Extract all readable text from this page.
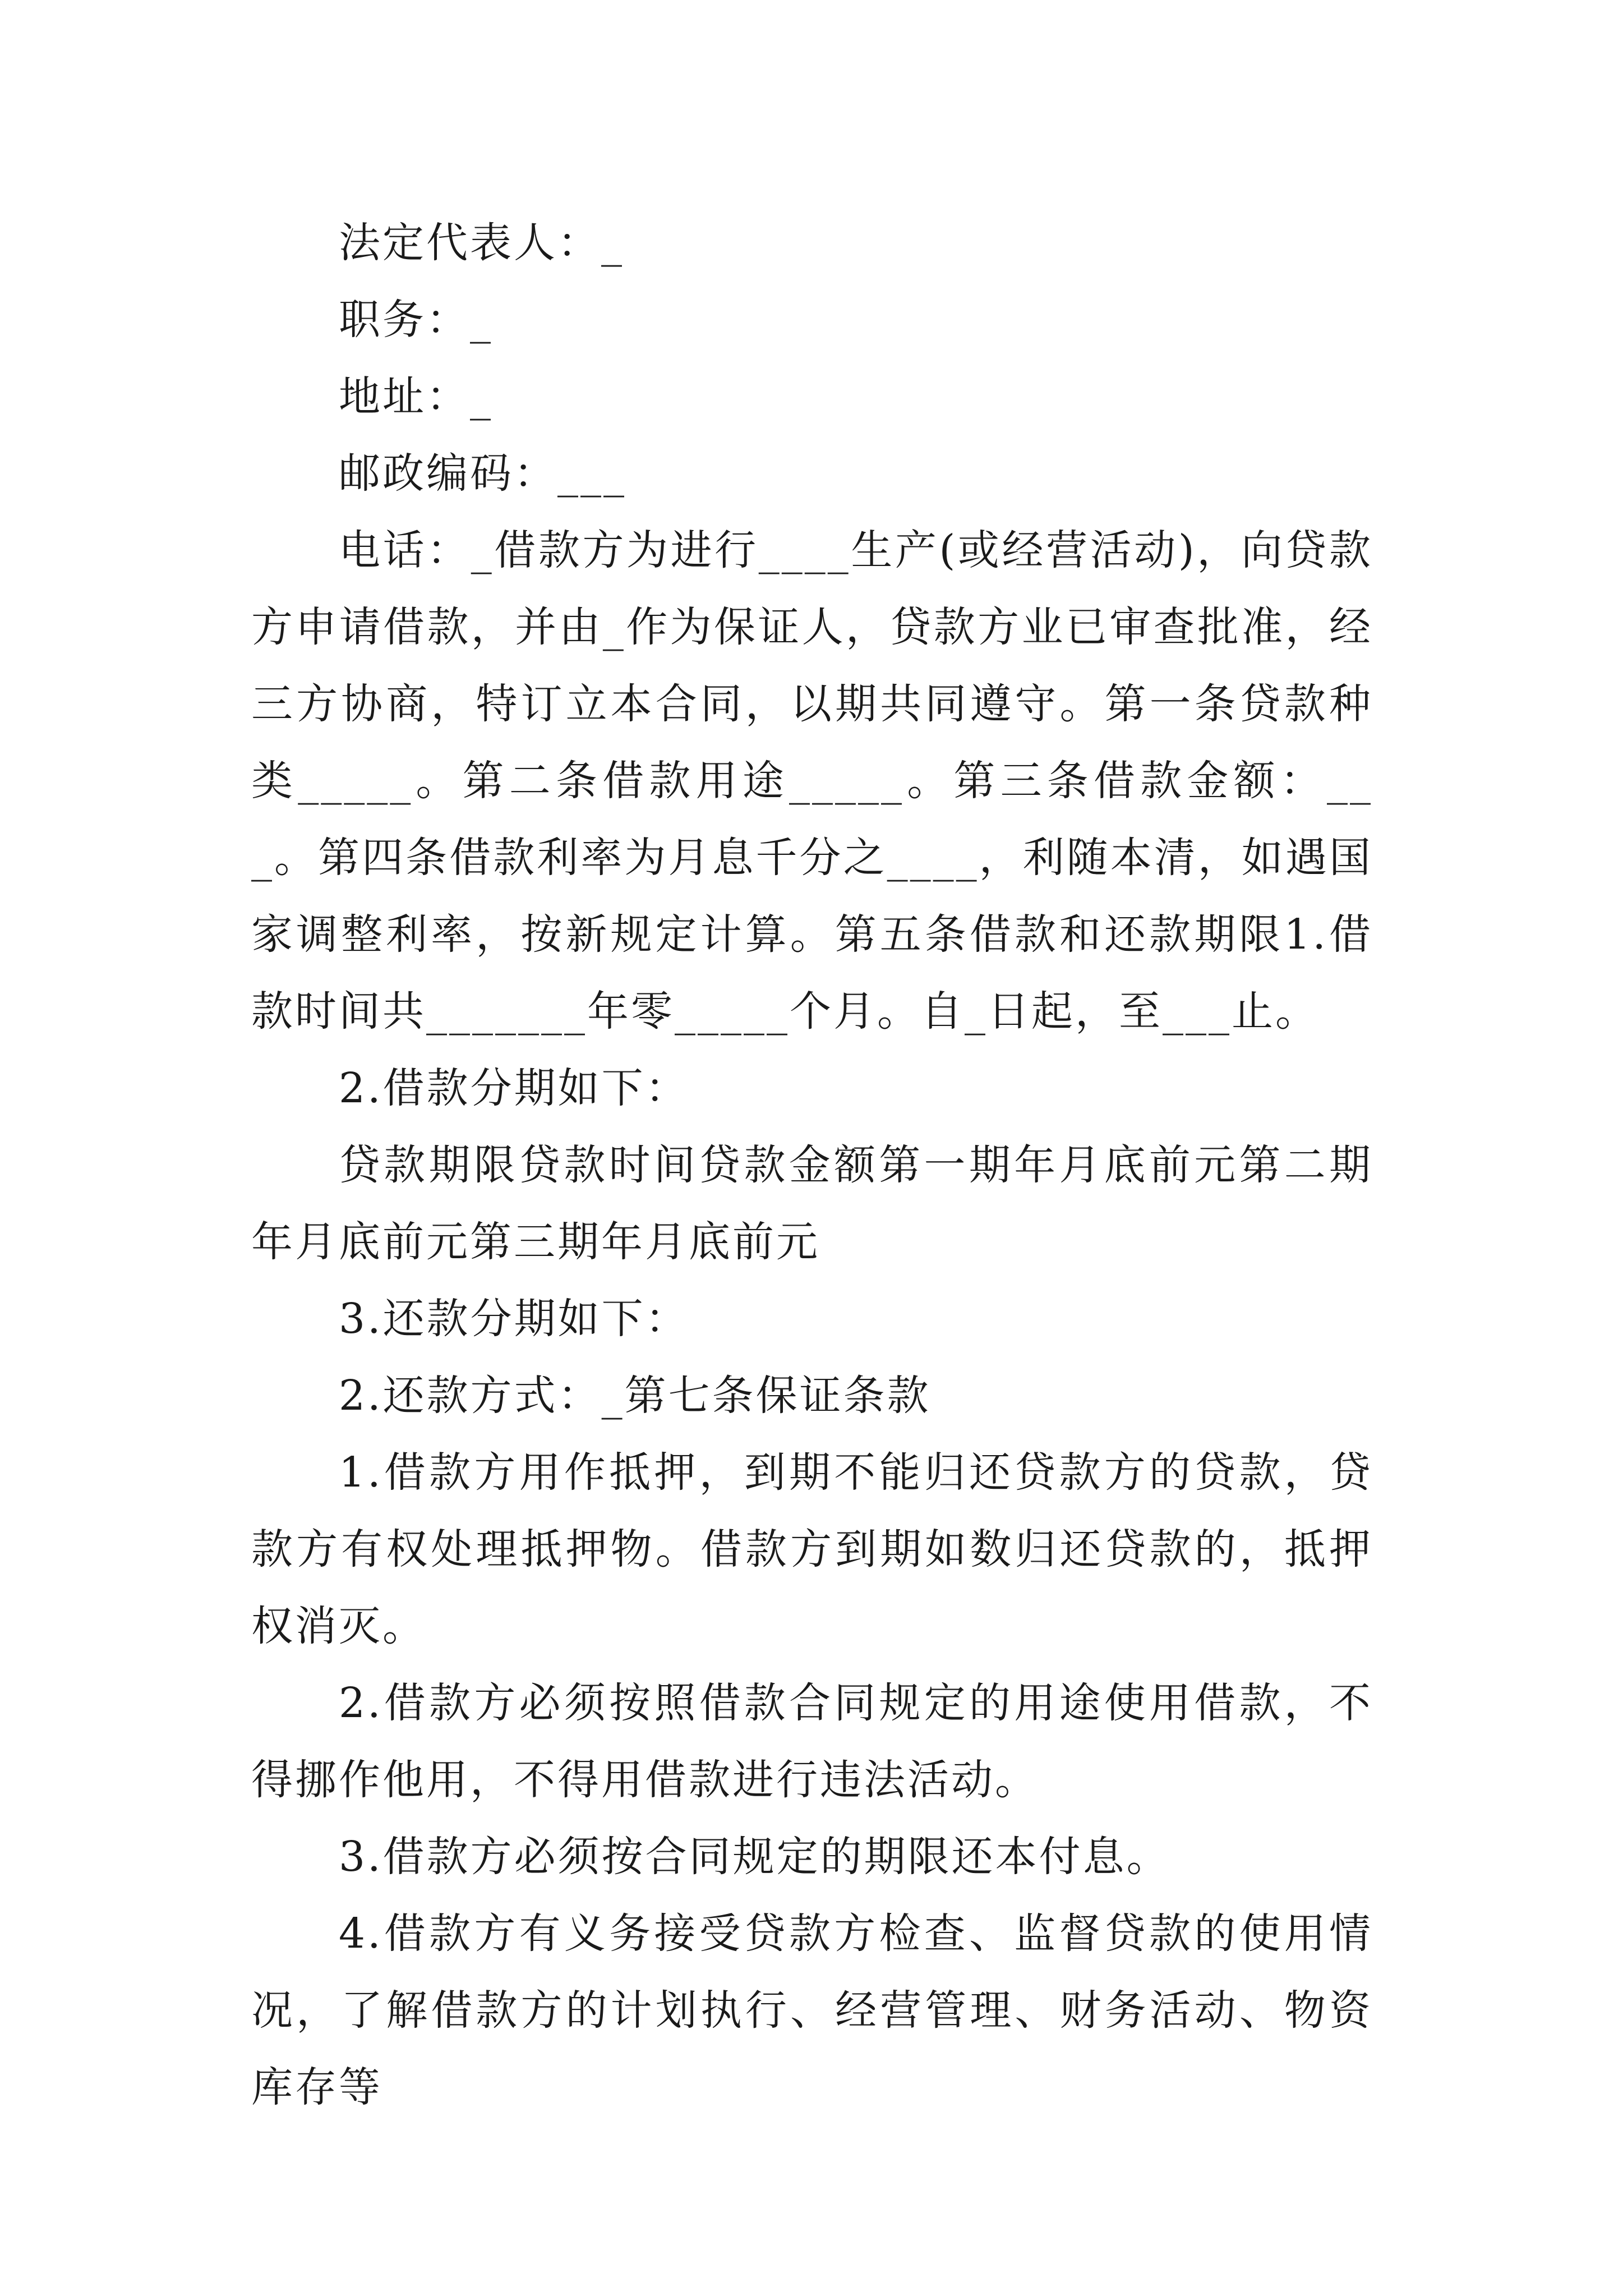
法定代表人：_

职务：_

地址：_

邮政编码：___

电话：_借款方为进行____生产(或经营活动)，向贷款方申请借款，并由_作为保证人，贷款方业已审查批准，经三方协商，特订立本合同，以期共同遵守。第一条贷款种类_____。第二条借款用途_____。第三条借款金额：___。第四条借款利率为月息千分之____，利随本清，如遇国家调整利率，按新规定计算。第五条借款和还款期限1.借款时间共_______年零_____个月。自_日起，至___止。

2.借款分期如下：

贷款期限贷款时间贷款金额第一期年月底前元第二期年月底前元第三期年月底前元

3.还款分期如下：

2.还款方式：_第七条保证条款

1.借款方用作抵押，到期不能归还贷款方的贷款，贷款方有权处理抵押物。借款方到期如数归还贷款的，抵押权消灭。

2.借款方必须按照借款合同规定的用途使用借款，不得挪作他用，不得用借款进行违法活动。

3.借款方必须按合同规定的期限还本付息。

4.借款方有义务接受贷款方检查、监督贷款的使用情况，了解借款方的计划执行、经营管理、财务活动、物资库存等
